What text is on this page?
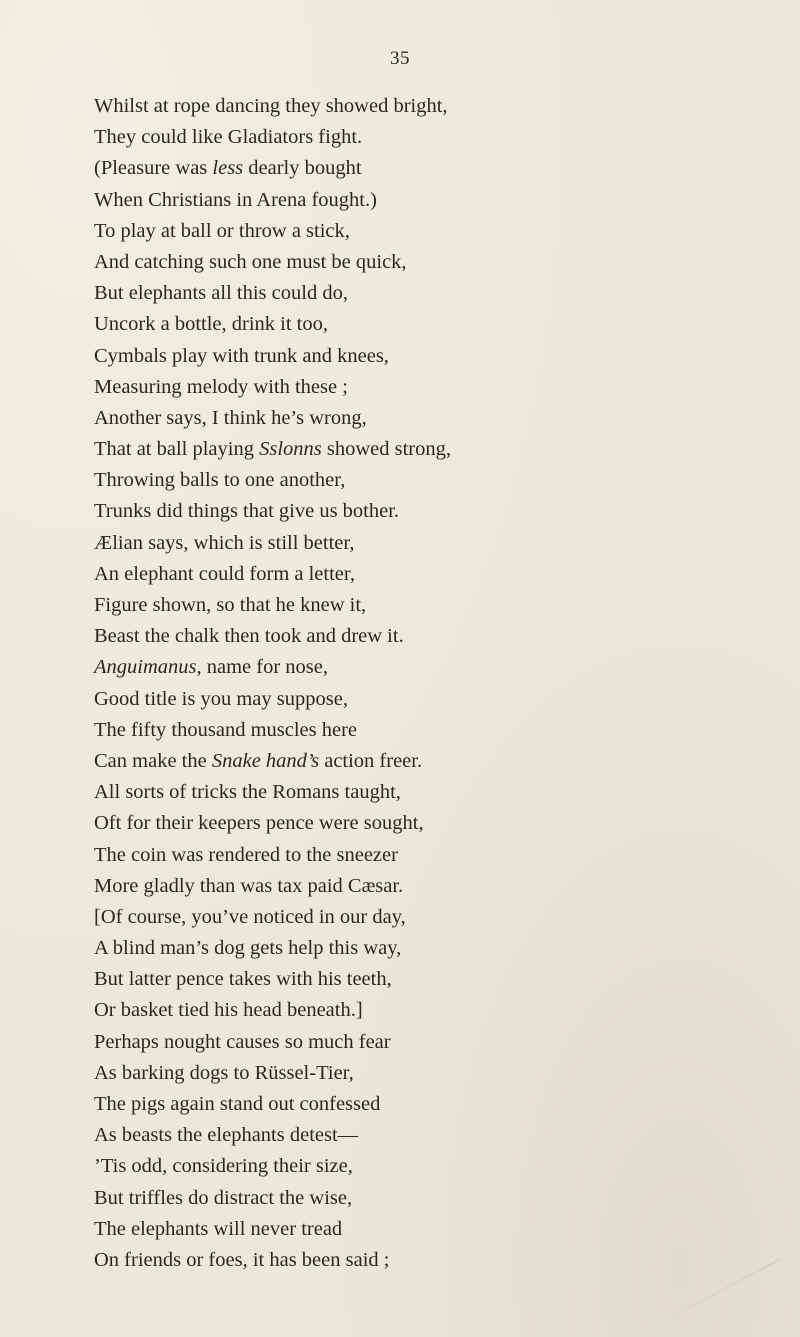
35
Whilst at rope dancing they showed bright,
They could like Gladiators fight.
(Pleasure was less dearly bought
When Christians in Arena fought.)
To play at ball or throw a stick,
And catching such one must be quick,
But elephants all this could do,
Uncork a bottle, drink it too,
Cymbals play with trunk and knees,
Measuring melody with these ;
Another says, I think he’s wrong,
That at ball playing Sslonns showed strong,
Throwing balls to one another,
Trunks did things that give us bother.
Ælian says, which is still better,
An elephant could form a letter,
Figure shown, so that he knew it,
Beast the chalk then took and drew it.
Anguimanus, name for nose,
Good title is you may suppose,
The fifty thousand muscles here
Can make the Snake hand’s action freer.
All sorts of tricks the Romans taught,
Oft for their keepers pence were sought,
The coin was rendered to the sneezer
More gladly than was tax paid Cæsar.
[Of course, you’ve noticed in our day,
A blind man’s dog gets help this way,
But latter pence takes with his teeth,
Or basket tied his head beneath.]
Perhaps nought causes so much fear
As barking dogs to Rüssel-Tier,
The pigs again stand out confessed
As beasts the elephants detest—
’Tis odd, considering their size,
But triffles do distract the wise,
The elephants will never tread
On friends or foes, it has been said ;
